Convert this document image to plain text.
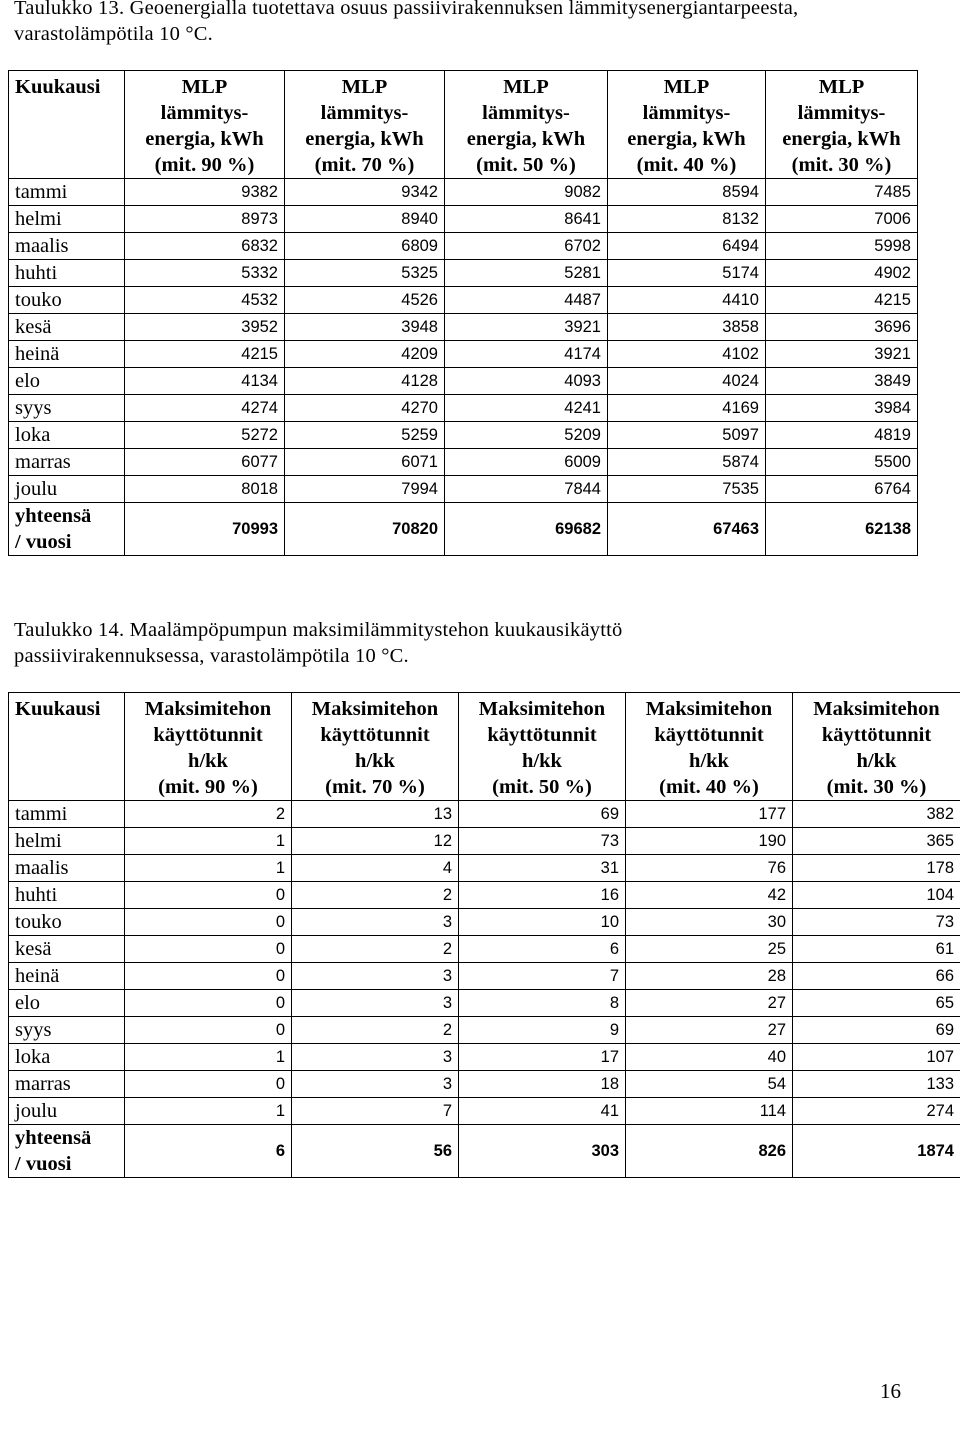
Taulukko 13. Geoenergialla tuotettava osuus passiivirakennuksen lämmitysenergiantarpeesta,
varastolämpötila 10 °C.
Kuukausi	MLP
lämmitys-
energia, kWh
(mit. 90 %)	MLP
lämmitys-
energia, kWh
(mit. 70 %)	MLP
lämmitys-
energia, kWh
(mit. 50 %)	MLP
lämmitys-
energia, kWh
(mit. 40 %)	MLP
lämmitys-
energia, kWh
(mit. 30 %)

tammi	9382	9342	9082	8594	7485
helmi	8973	8940	8641	8132	7006
maalis	6832	6809	6702	6494	5998
huhti	5332	5325	5281	5174	4902
touko	4532	4526	4487	4410	4215
kesä	3952	3948	3921	3858	3696
heinä	4215	4209	4174	4102	3921
elo	4134	4128	4093	4024	3849
syys	4274	4270	4241	4169	3984
loka	5272	5259	5209	5097	4819
marras	6077	6071	6009	5874	5500
joulu	8018	7994	7844	7535	6764

yhteensä
/ vuosi	70993	70820	69682	67463	62138
Taulukko 14. Maalämpöpumpun maksimilämmitystehon kuukausikäyttö
passiivirakennuksessa, varastolämpötila 10 °C.
Kuukausi	Maksimitehon
käyttötunnit
h/kk
(mit. 90 %)	Maksimitehon
käyttötunnit
h/kk
(mit. 70 %)	Maksimitehon
käyttötunnit
h/kk
(mit. 50 %)	Maksimitehon
käyttötunnit
h/kk
(mit. 40 %)	Maksimitehon
käyttötunnit
h/kk
(mit. 30 %)

tammi	2	13	69	177	382
helmi	1	12	73	190	365
maalis	1	4	31	76	178
huhti	0	2	16	42	104
touko	0	3	10	30	73
kesä	0	2	6	25	61
heinä	0	3	7	28	66
elo	0	3	8	27	65
syys	0	2	9	27	69
loka	1	3	17	40	107
marras	0	3	18	54	133
joulu	1	7	41	114	274

yhteensä
/ vuosi	6	56	303	826	1874
16
